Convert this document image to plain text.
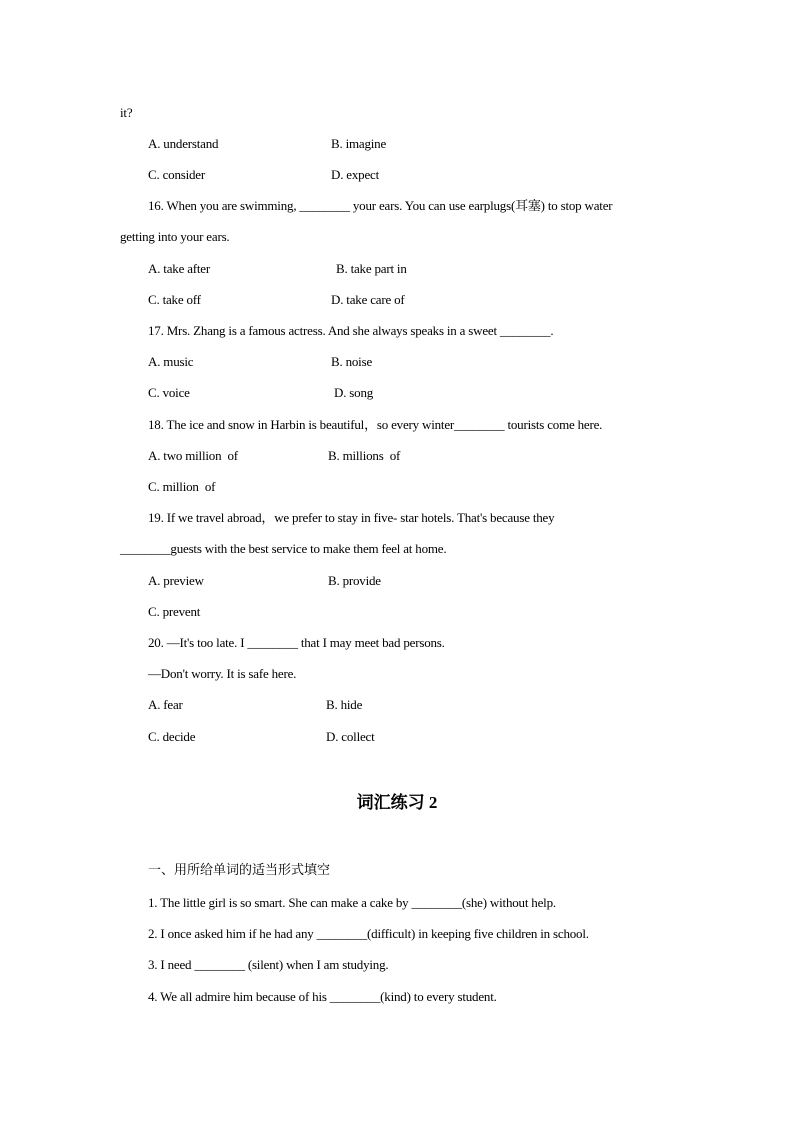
it?
A. understand	B. imagine
C. consider	D. expect
16. When you are swimming, ________ your ears. You can use earplugs(耳塞) to stop water
getting into your ears.
A. take after	B. take part in
C. take off	D. take care of
17. Mrs. Zhang is a famous actress. And she always speaks in a sweet ________.
A. music	B. noise
C. voice	D. song
18. The ice and snow in Harbin is beautiful，so every winter________ tourists come here.
A. two million  of	B. millions  of
C. million  of
19. If we travel abroad，we prefer to stay in five- star hotels. That's because they
________guests with the best service to make them feel at home.
A. preview	B. provide
C. prevent
20. —It's too late. I ________ that I may meet bad persons.
—Don't worry. It is safe here.
A. fear	B. hide
C. decide	D. collect
词汇练习 2
一、用所给单词的适当形式填空
1. The little girl is so smart. She can make a cake by ________(she) without help.
2. I once asked him if he had any ________(difficult) in keeping five children in school.
3. I need ________ (silent) when I am studying.
4. We all admire him because of his ________(kind) to every student.
